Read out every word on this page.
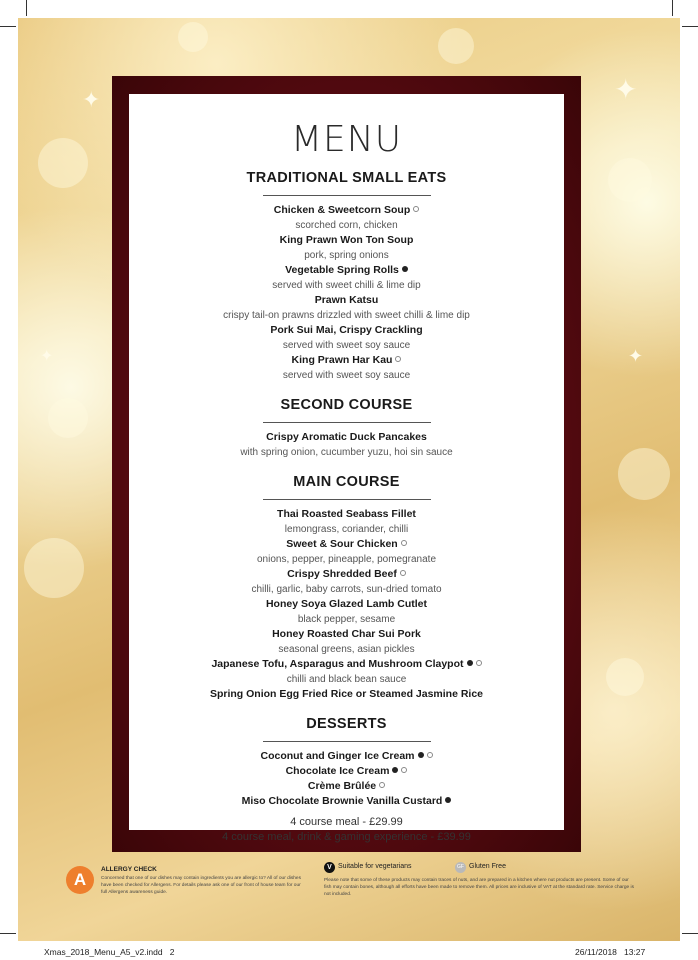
✦	✦
✦	✦
MENU
TRADITIONAL SMALL EATS
Chicken & Sweetcorn Soup
scorched corn, chicken
King Prawn Won Ton Soup
pork, spring onions
Vegetable Spring Rolls
served with sweet chilli & lime dip
Prawn Katsu
crispy tail-on prawns drizzled with sweet chilli & lime dip
Pork Sui Mai, Crispy Crackling
served with sweet soy sauce
King Prawn Har Kau
served with sweet soy sauce
SECOND COURSE
Crispy Aromatic Duck Pancakes
with spring onion, cucumber yuzu, hoi sin sauce
MAIN COURSE
Thai Roasted Seabass Fillet
lemongrass, coriander, chilli
Sweet & Sour Chicken
onions, pepper, pineapple, pomegranate
Crispy Shredded Beef
chilli, garlic, baby carrots, sun-dried tomato
Honey Soya Glazed Lamb Cutlet
black pepper, sesame
Honey Roasted Char Sui Pork
seasonal greens, asian pickles
Japanese Tofu, Asparagus and Mushroom Claypot
chilli and black bean sauce
Spring Onion Egg Fried Rice or Steamed Jasmine Rice
DESSERTS
Coconut and Ginger Ice Cream
Chocolate Ice Cream
Crème Brûlée
Miso Chocolate Brownie Vanilla Custard
4 course meal - £29.99
4 course meal, drink & gaming experience - £39.99
A
ALLERGY CHECK
Concerned that one of our dishes may contain ingredients you are allergic to? All of our dishes have been checked for Allergens. For details please ask one of our front of house team for our full Allergens awareness guide.
V Suitable for vegetarians	GF Gluten Free
Please note that some of these products may contain traces of nuts, and are prepared in a kitchen where nut products are present. Some of our fish may contain bones, although all efforts have been made to remove them. All prices are inclusive of VAT at the standard rate. Service charge is not included.
Xmas_2018_Menu_A5_v2.indd   2	26/11/2018   13:27
